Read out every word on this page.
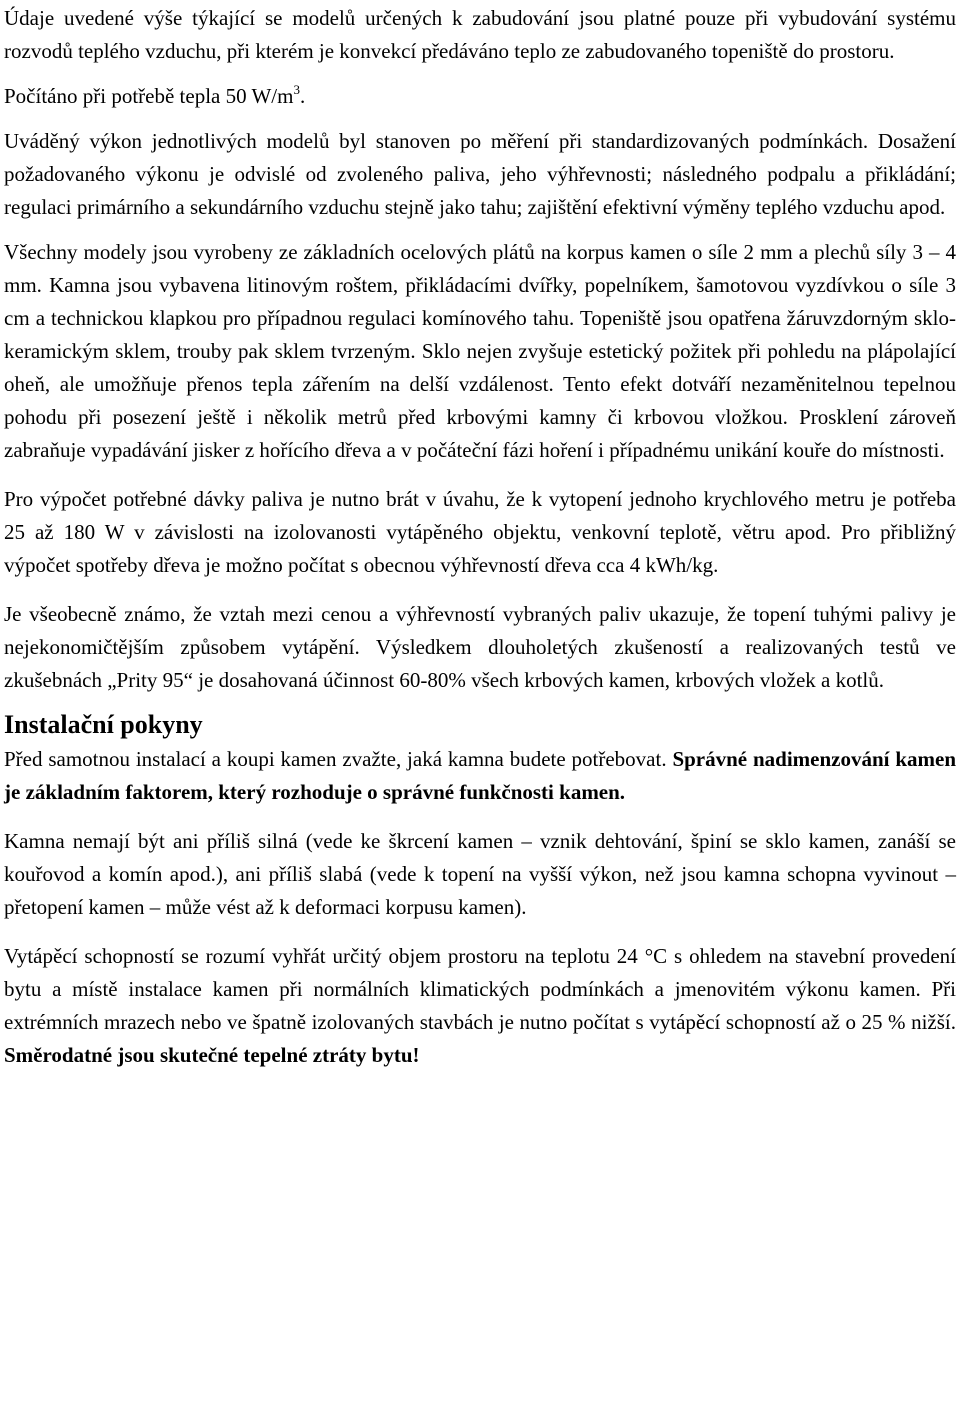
Údaje uvedené výše týkající se modelů určených k zabudování jsou platné pouze při vybudování systému rozvodů teplého vzduchu, při kterém je konvekcí předáváno teplo ze zabudovaného topeniště do prostoru.

Počítáno při potřebě tepla 50 $W/m^3$.

Uváděný výkon jednotlivých modelů byl stanoven po měření při standardizovaných podmínkách. Dosažení požadovaného výkonu je odvislé od zvoleného paliva, jeho výhřevnosti; následného podpalu a přikládání; regulaci primárního a sekundárního vzduchu stejně jako tahu; zajištění efektivní výměny teplého vzduchu apod.

Všechny modely jsou vyrobeny ze základních ocelových plátů na korpus kamen o síle 2 mm a plechů síly 3 – 4 mm. Kamna jsou vybavena litinovým roštem, přikládacími dvířky, popelníkem, šamotovou vyzdívkou o síle 3 cm a technickou klapkou pro případnou regulaci komínového tahu. Topeniště jsou opatřena žáruvzdorným sklo-keramickým sklem, trouby pak sklem tvrzeným. Sklo nejen zvyšuje estetický požitek při pohledu na plápolající oheň, ale umožňuje přenos tepla zářením na delší vzdálenost. Tento efekt dotváří nezaměnitelnou tepelnou pohodu při posezení ještě i několik metrů před krbovými kamny či krbovou vložkou. Prosklení zároveň zabraňuje vypadávání jisker z hořícího dřeva a v počáteční fázi hoření i případnému unikání kouře do místnosti.

Pro výpočet potřebné dávky paliva je nutno brát v úvahu, že k vytopení jednoho krychlového metru je potřeba 25 až 180 W v závislosti na izolovanosti vytápěného objektu, venkovní teplotě, větru apod. Pro přibližný výpočet spotřeby dřeva je možno počítat s obecnou výhřevností dřeva cca 4 kWh/kg.

Je všeobecně známo, že vztah mezi cenou a výhřevností vybraných paliv ukazuje, že topení tuhými palivy je nejekonomičtějším způsobem vytápění. Výsledkem dlouholetých zkušeností a realizovaných testů ve zkušebnách „Prity 95“ je dosahovaná účinnost 60-80% všech krbových kamen, krbových vložek a kotlů.

Instalační pokyny

Před samotnou instalací a koupi kamen zvažte, jaká kamna budete potřebovat. Správné nadimenzování kamen je základním faktorem, který rozhoduje o správné funkčnosti kamen.

Kamna nemají být ani příliš silná (vede ke škrcení kamen – vznik dehtování, špiní se sklo kamen, zanáší se kouřovod a komín apod.), ani příliš slabá (vede k topení na vyšší výkon, než jsou kamna schopna vyvinout – přetopení kamen – může vést až k deformaci korpusu kamen).

Vytápěcí schopností se rozumí vyhřát určitý objem prostoru na teplotu 24 °C s ohledem na stavební provedení bytu a místě instalace kamen při normálních klimatických podmínkách a jmenovitém výkonu kamen. Při extrémních mrazech nebo ve špatně izolovaných stavbách je nutno počítat s vytápěcí schopností až o 25 % nižší. Směrodatné jsou skutečné tepelné ztráty bytu!
